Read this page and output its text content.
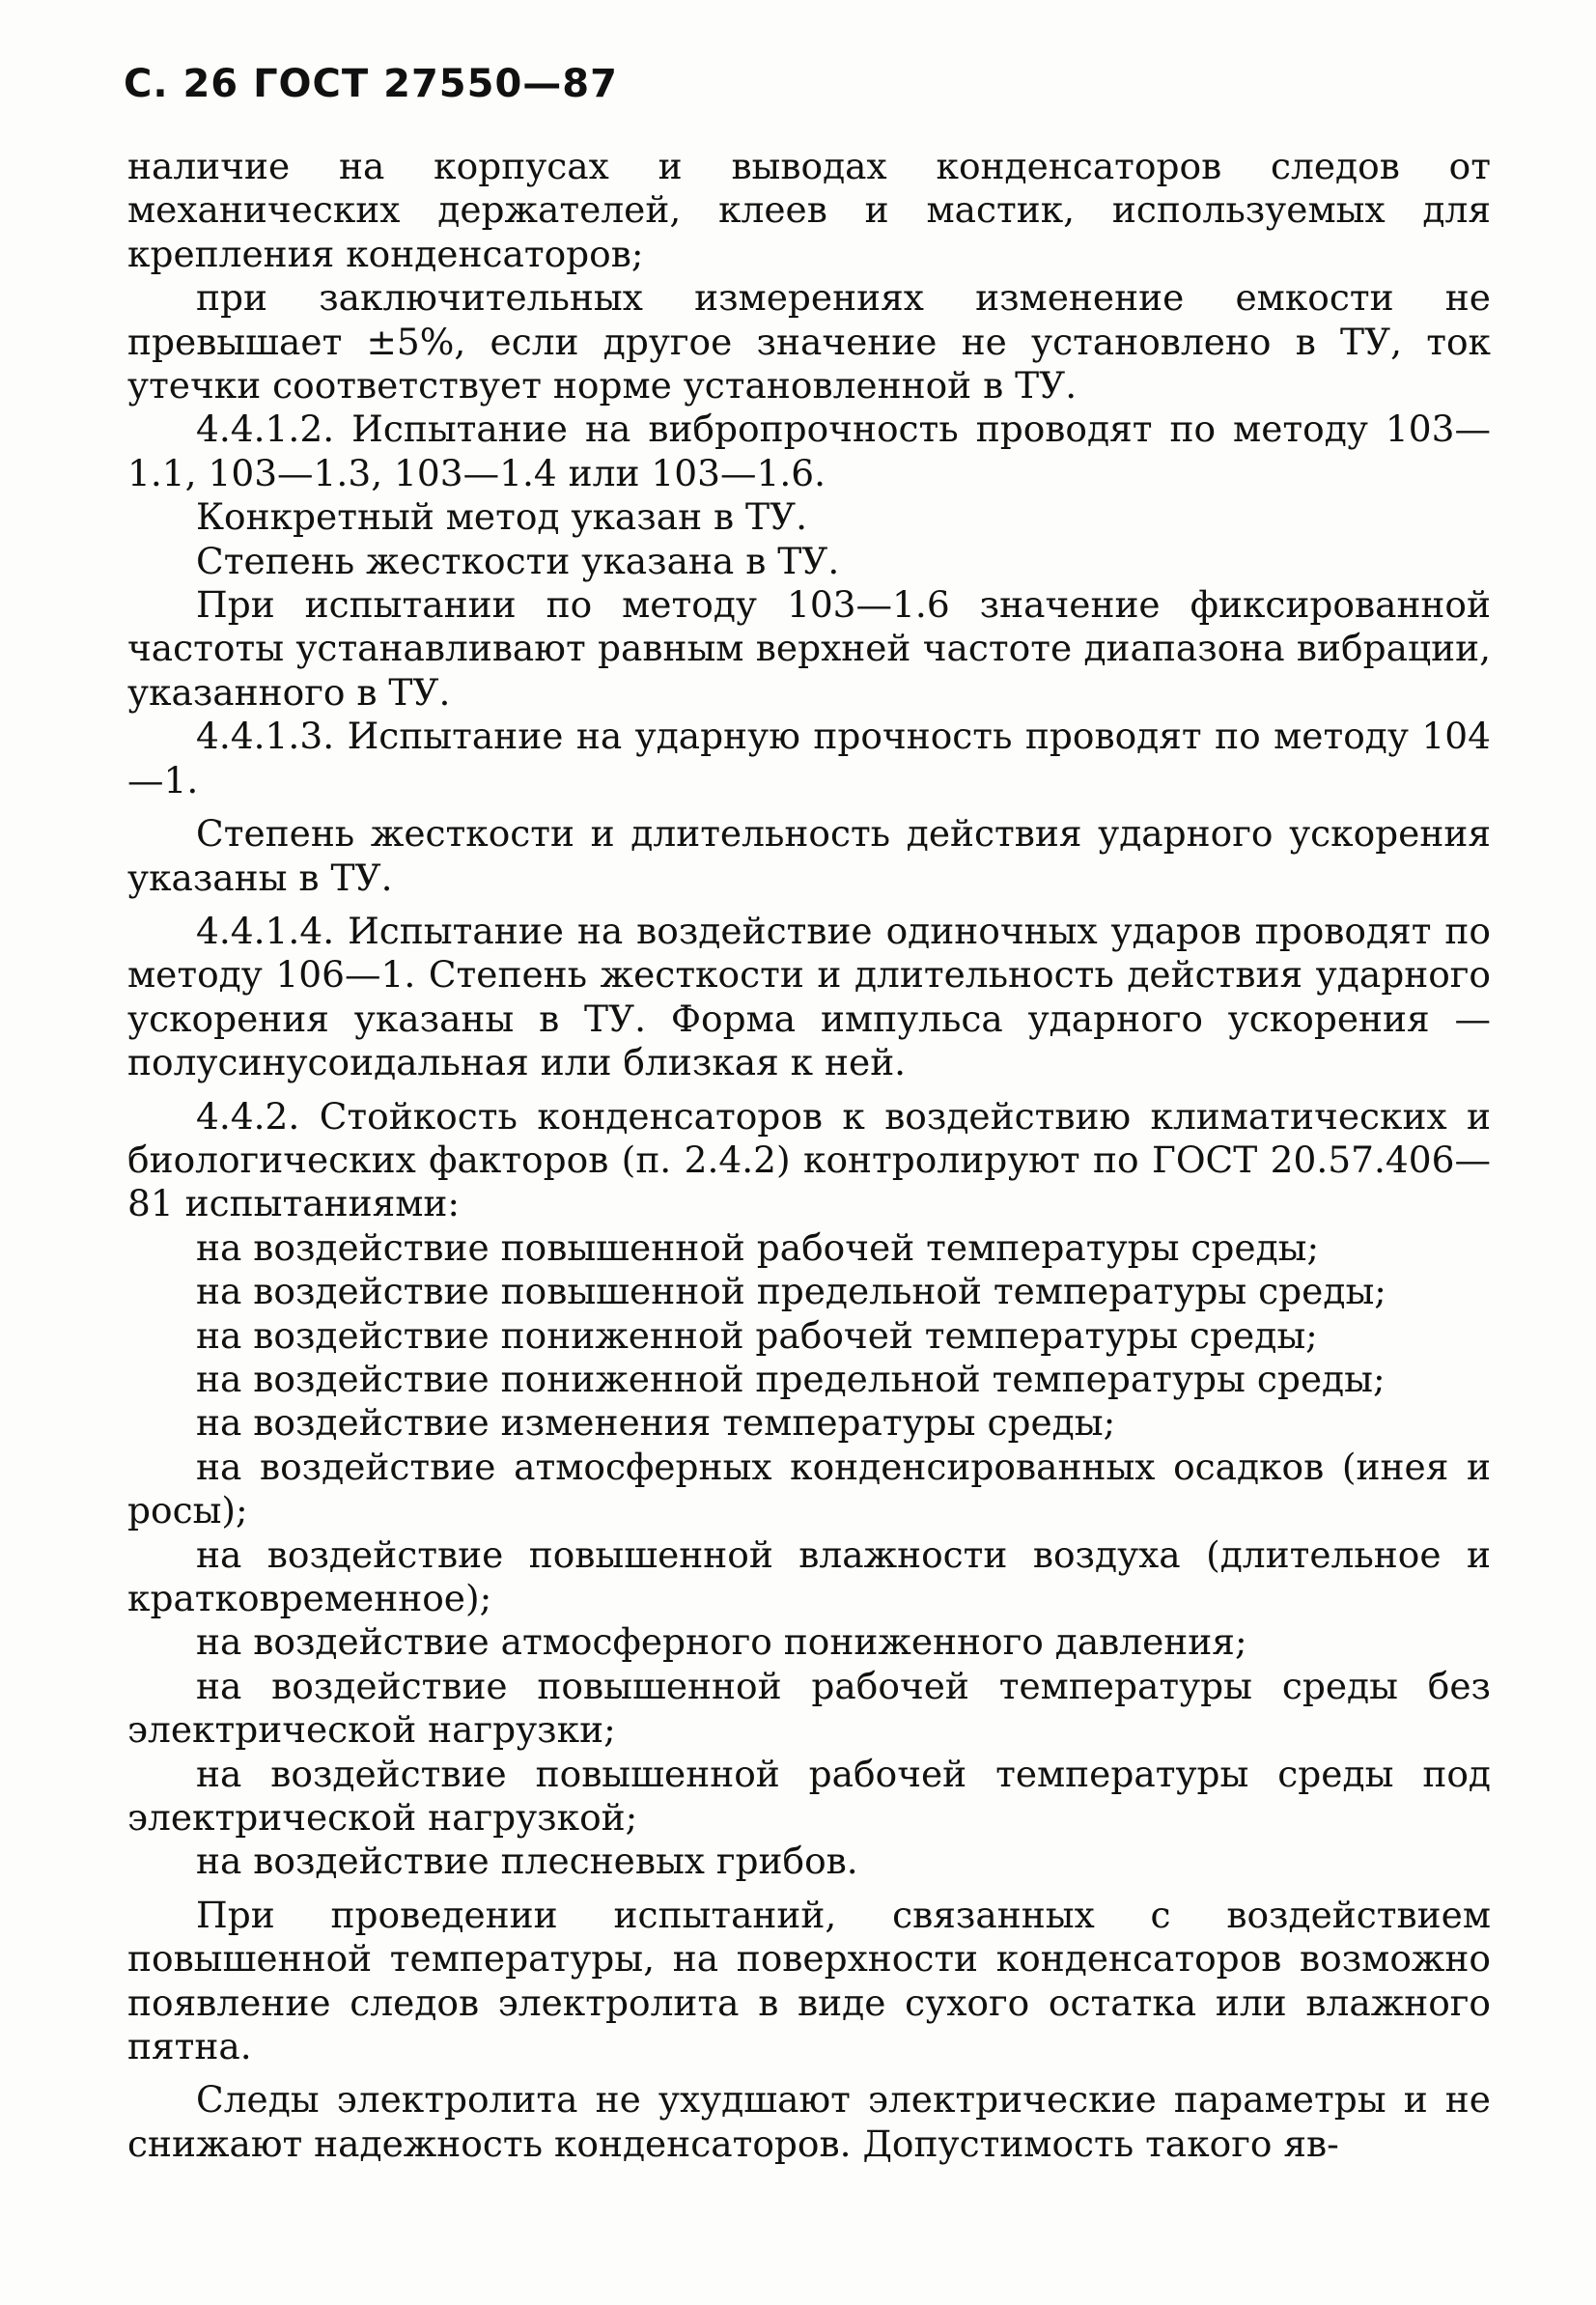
С. 26 ГОСТ 27550—87

наличие на корпусах и выводах конденсаторов следов от механических держателей, клеев и мастик, используемых для крепления конденсаторов;

при заключительных измерениях изменение емкости не превышает ±5%, если другое значение не установлено в ТУ, ток утечки соответствует норме установленной в ТУ.

4.4.1.2. Испытание на вибропрочность проводят по методу 103—1.1, 103—1.3, 103—1.4 или 103—1.6.

Конкретный метод указан в ТУ.

Степень жесткости указана в ТУ.

При испытании по методу 103—1.6 значение фиксированной частоты устанавливают равным верхней частоте диапазона вибрации, указанного в ТУ.

4.4.1.3. Испытание на ударную прочность проводят по методу 104—1.

Степень жесткости и длительность действия ударного ускорения указаны в ТУ.

4.4.1.4. Испытание на воздействие одиночных ударов проводят по методу 106—1. Степень жесткости и длительность действия ударного ускорения указаны в ТУ. Форма импульса ударного ускорения — полусинусоидальная или близкая к ней.

4.4.2. Стойкость конденсаторов к воздействию климатических и биологических факторов (п. 2.4.2) контролируют по ГОСТ 20.57.406—81 испытаниями:

на воздействие повышенной рабочей температуры среды;

на воздействие повышенной предельной температуры среды;

на воздействие пониженной рабочей температуры среды;

на воздействие пониженной предельной температуры среды;

на воздействие изменения температуры среды;

на воздействие атмосферных конденсированных осадков (инея и росы);

на воздействие повышенной влажности воздуха (длительное и кратковременное);

на воздействие атмосферного пониженного давления;

на воздействие повышенной рабочей температуры среды без электрической нагрузки;

на воздействие повышенной рабочей температуры среды под электрической нагрузкой;

на воздействие плесневых грибов.

При проведении испытаний, связанных с воздействием повышенной температуры, на поверхности конденсаторов возможно появление следов электролита в виде сухого остатка или влажного пятна.

Следы электролита не ухудшают электрические параметры и не снижают надежность конденсаторов. Допустимость такого яв-
